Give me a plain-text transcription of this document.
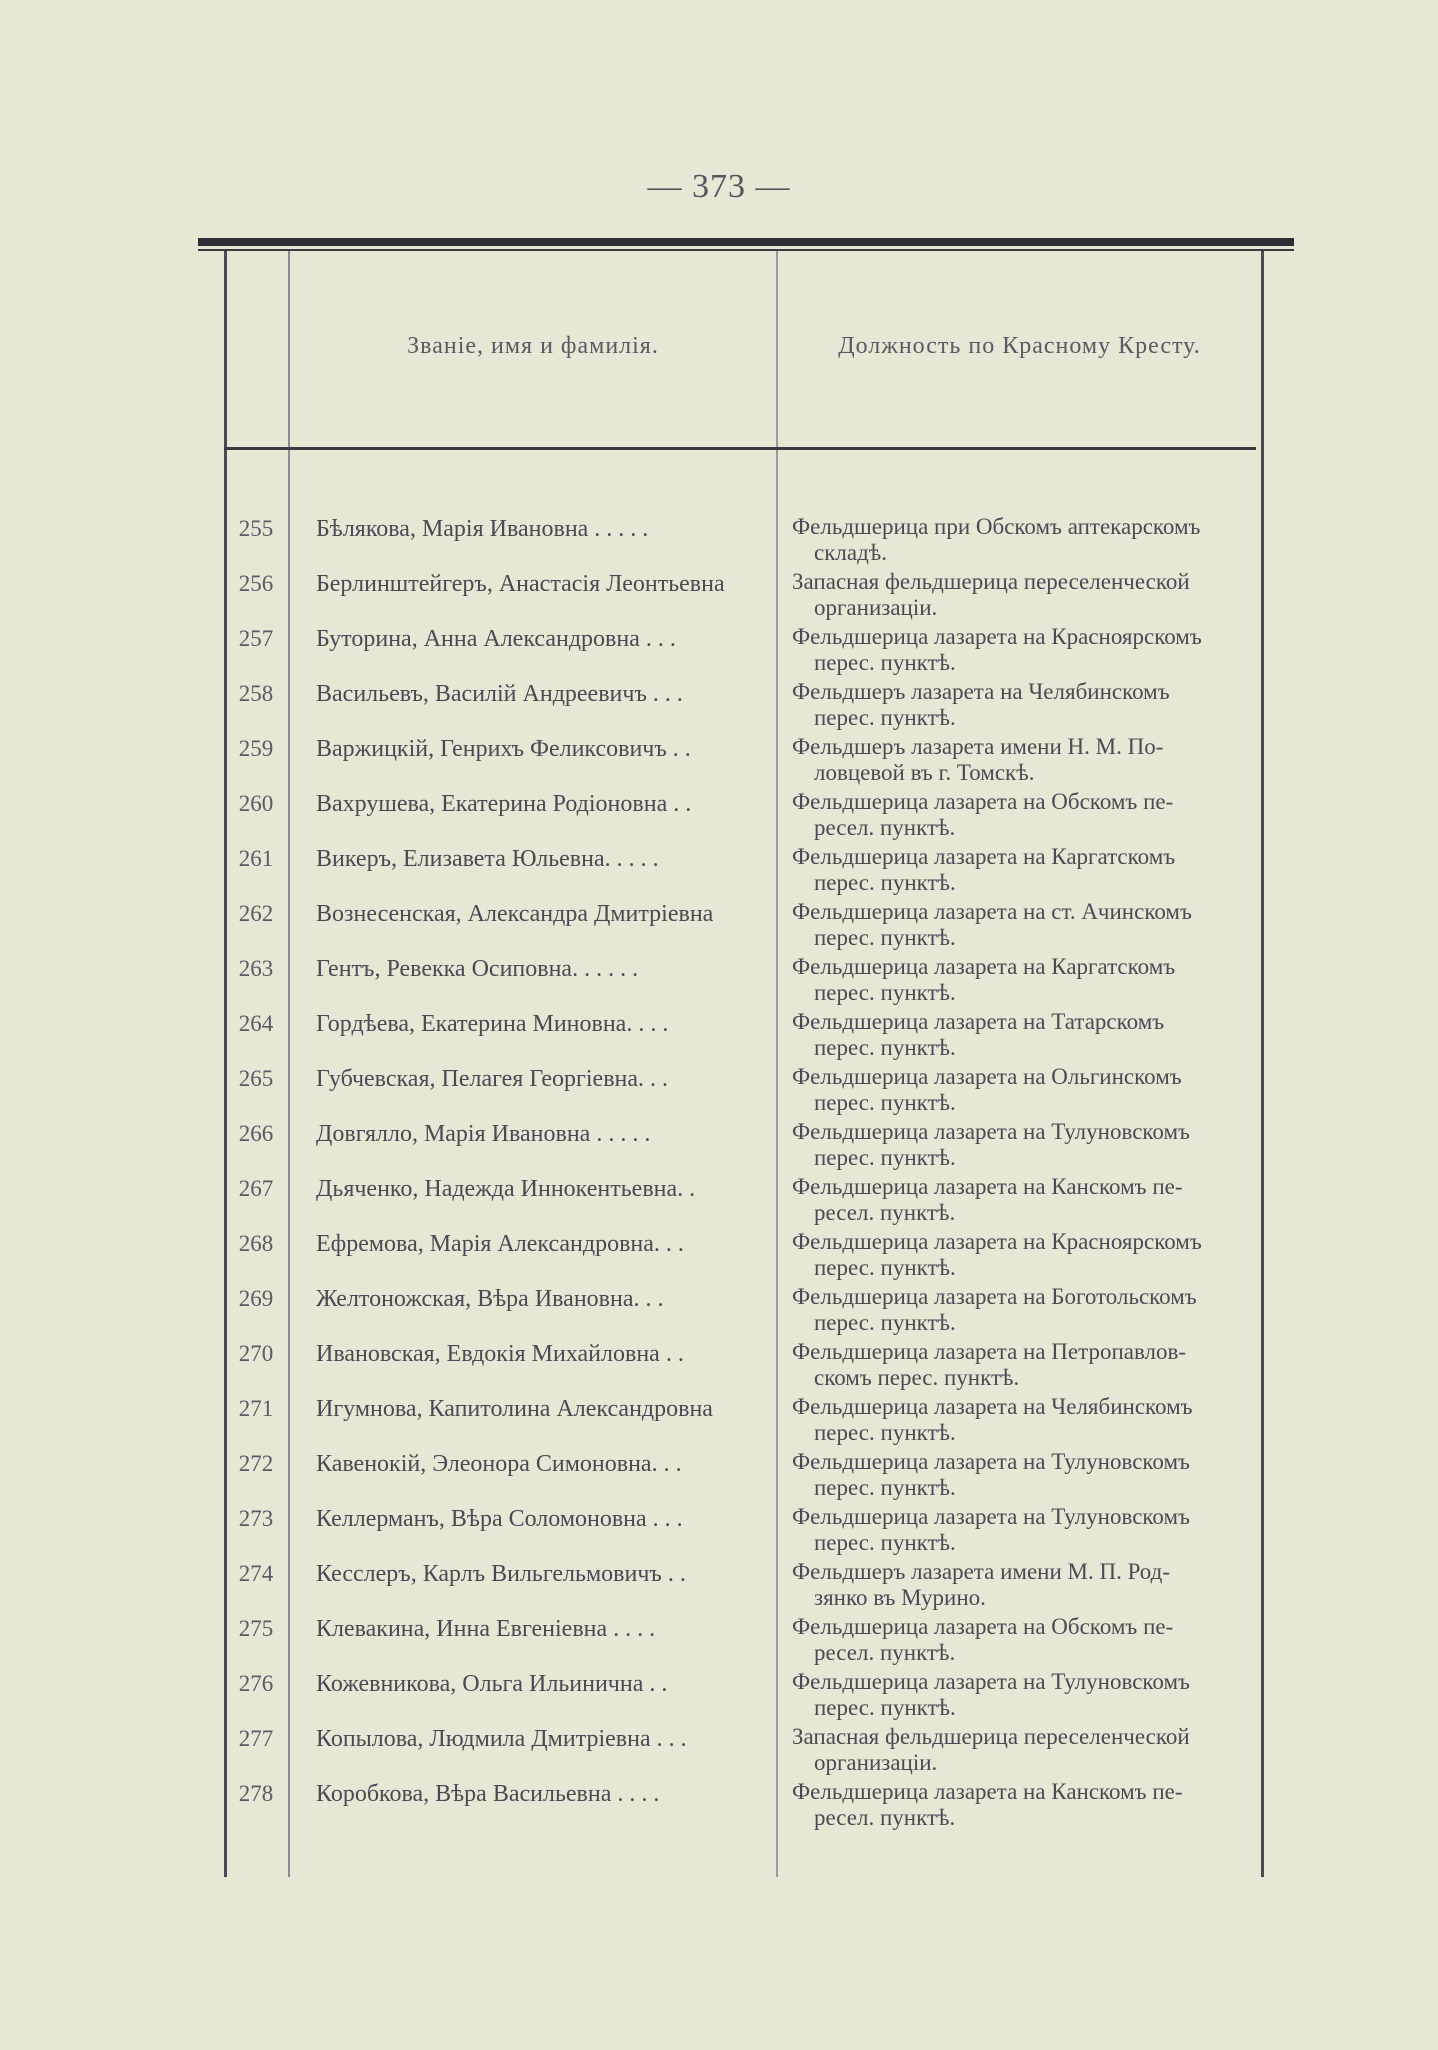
— 373 —
Званіе, имя и фамилія.	Должность по Красному Кресту.
255	Бѣлякова, Марія Ивановна . . . . .	Фельдшерица при Обскомъ аптекарскомъ
складѣ.
256	Берлинштейгеръ, Анастасія Леонтьевна	Запасная фельдшерица переселенческой
организаціи.
257	Буторина, Анна Александровна . . .	Фельдшерица лазарета на Красноярскомъ
перес. пунктѣ.
258	Васильевъ, Василій Андреевичъ . . .	Фельдшеръ лазарета на Челябинскомъ
перес. пунктѣ.
259	Варжицкій, Генрихъ Феликсовичъ . .	Фельдшеръ лазарета имени Н. М. По-
ловцевой въ г. Томскѣ.
260	Вахрушева, Екатерина Родіоновна . .	Фельдшерица лазарета на Обскомъ пе-
ресел. пунктѣ.
261	Викеръ, Елизавета Юльевна. . . . .	Фельдшерица лазарета на Каргатскомъ
перес. пунктѣ.
262	Вознесенская, Александра Дмитріевна	Фельдшерица лазарета на ст. Ачинскомъ
перес. пунктѣ.
263	Гентъ, Ревекка Осиповна. . . . . .	Фельдшерица лазарета на Каргатскомъ
перес. пунктѣ.
264	Гордѣева, Екатерина Миновна. . . .	Фельдшерица лазарета на Татарскомъ
перес. пунктѣ.
265	Губчевская, Пелагея Георгіевна. . .	Фельдшерица лазарета на Ольгинскомъ
перес. пунктѣ.
266	Довгялло, Марія Ивановна . . . . .	Фельдшерица лазарета на Тулуновскомъ
перес. пунктѣ.
267	Дьяченко, Надежда Иннокентьевна. .	Фельдшерица лазарета на Канскомъ пе-
ресел. пунктѣ.
268	Ефремова, Марія Александровна. . .	Фельдшерица лазарета на Красноярскомъ
перес. пунктѣ.
269	Желтоножская, Вѣра Ивановна. . .	Фельдшерица лазарета на Боготольскомъ
перес. пунктѣ.
270	Ивановская, Евдокія Михайловна . .	Фельдшерица лазарета на Петропавлов-
скомъ перес. пунктѣ.
271	Игумнова, Капитолина Александровна	Фельдшерица лазарета на Челябинскомъ
перес. пунктѣ.
272	Кавенокій, Элеонора Симоновна. . .	Фельдшерица лазарета на Тулуновскомъ
перес. пунктѣ.
273	Келлерманъ, Вѣра Соломоновна . . .	Фельдшерица лазарета на Тулуновскомъ
перес. пунктѣ.
274	Кесслеръ, Карлъ Вильгельмовичъ . .	Фельдшеръ лазарета имени М. П. Род-
зянко въ Мурино.
275	Клевакина, Инна Евгеніевна . . . .	Фельдшерица лазарета на Обскомъ пе-
ресел. пунктѣ.
276	Кожевникова, Ольга Ильинична . .	Фельдшерица лазарета на Тулуновскомъ
перес. пунктѣ.
277	Копылова, Людмила Дмитріевна . . .	Запасная фельдшерица переселенческой
организаціи.
278	Коробкова, Вѣра Васильевна . . . .	Фельдшерица лазарета на Канскомъ пе-
ресел. пунктѣ.
